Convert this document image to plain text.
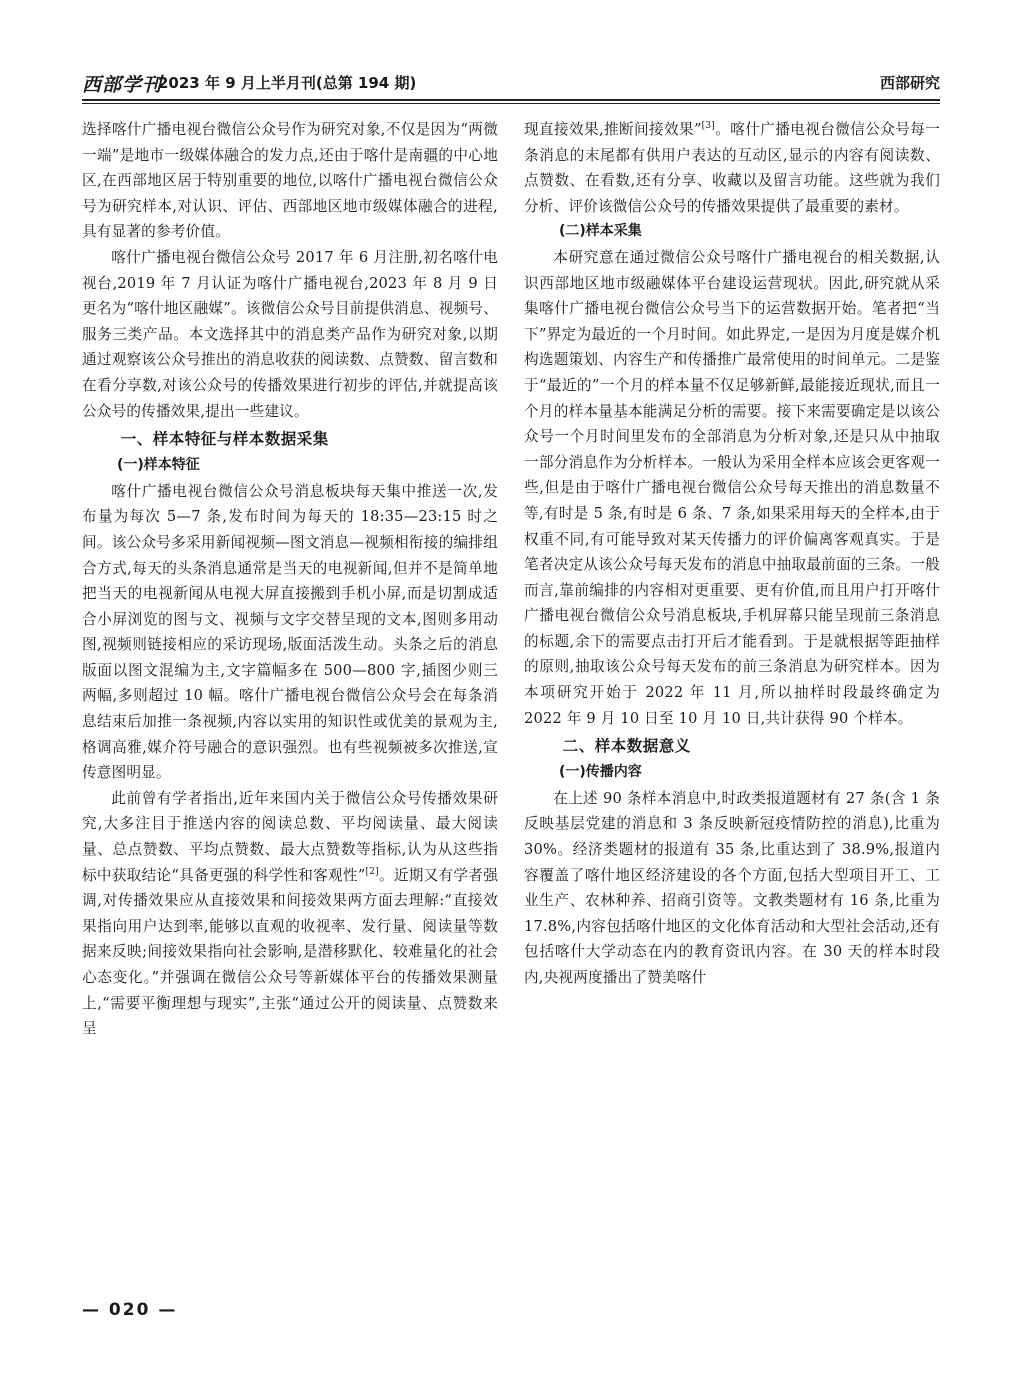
西部学刊
2023 年 9 月上半月刊(总第 194 期)	西部研究

选择喀什广播电视台微信公众号作为研究对象,不仅是因为“两微一端”是地市一级媒体融合的发力点,还由于喀什是南疆的中心地区,在西部地区居于特别重要的地位,以喀什广播电视台微信公众号为研究样本,对认识、评估、西部地区地市级媒体融合的进程,具有显著的参考价值。

喀什广播电视台微信公众号 2017 年 6 月注册,初名喀什电视台,2019 年 7 月认证为喀什广播电视台,2023 年 8 月 9 日更名为“喀什地区融媒”。该微信公众号目前提供消息、视频号、服务三类产品。本文选择其中的消息类产品作为研究对象,以期通过观察该公众号推出的消息收获的阅读数、点赞数、留言数和在看分享数,对该公众号的传播效果进行初步的评估,并就提高该公众号的传播效果,提出一些建议。

一、样本特征与样本数据采集
(一)样本特征

喀什广播电视台微信公众号消息板块每天集中推送一次,发布量为每次 5—7 条,发布时间为每天的 18:35—23:15 时之间。该公众号多采用新闻视频—图文消息—视频相衔接的编排组合方式,每天的头条消息通常是当天的电视新闻,但并不是简单地把当天的电视新闻从电视大屏直接搬到手机小屏,而是切割成适合小屏浏览的图与文、视频与文字交替呈现的文本,图则多用动图,视频则链接相应的采访现场,版面活泼生动。头条之后的消息版面以图文混编为主,文字篇幅多在 500—800 字,插图少则三两幅,多则超过 10 幅。喀什广播电视台微信公众号会在每条消息结束后加推一条视频,内容以实用的知识性或优美的景观为主,格调高雅,媒介符号融合的意识强烈。也有些视频被多次推送,宣传意图明显。

此前曾有学者指出,近年来国内关于微信公众号传播效果研究,大多注目于推送内容的阅读总数、平均阅读量、最大阅读量、总点赞数、平均点赞数、最大点赞数等指标,认为从这些指标中获取结论“具备更强的科学性和客观性”[2]。近期又有学者强调,对传播效果应从直接效果和间接效果两方面去理解:“直接效果指向用户达到率,能够以直观的收视率、发行量、阅读量等数据来反映;间接效果指向社会影响,是潜移默化、较难量化的社会心态变化。”并强调在微信公众号等新媒体平台的传播效果测量上,“需要平衡理想与现实”,主张“通过公开的阅读量、点赞数来呈

现直接效果,推断间接效果”[3]。喀什广播电视台微信公众号每一条消息的末尾都有供用户表达的互动区,显示的内容有阅读数、点赞数、在看数,还有分享、收藏以及留言功能。这些就为我们分析、评价该微信公众号的传播效果提供了最重要的素材。

(二)样本采集

本研究意在通过微信公众号喀什广播电视台的相关数据,认识西部地区地市级融媒体平台建设运营现状。因此,研究就从采集喀什广播电视台微信公众号当下的运营数据开始。笔者把“当下”界定为最近的一个月时间。如此界定,一是因为月度是媒介机构选题策划、内容生产和传播推广最常使用的时间单元。二是鉴于“最近的”一个月的样本量不仅足够新鲜,最能接近现状,而且一个月的样本量基本能满足分析的需要。接下来需要确定是以该公众号一个月时间里发布的全部消息为分析对象,还是只从中抽取一部分消息作为分析样本。一般认为采用全样本应该会更客观一些,但是由于喀什广播电视台微信公众号每天推出的消息数量不等,有时是 5 条,有时是 6 条、7 条,如果采用每天的全样本,由于权重不同,有可能导致对某天传播力的评价偏离客观真实。于是笔者决定从该公众号每天发布的消息中抽取最前面的三条。一般而言,靠前编排的内容相对更重要、更有价值,而且用户打开喀什广播电视台微信公众号消息板块,手机屏幕只能呈现前三条消息的标题,余下的需要点击打开后才能看到。于是就根据等距抽样的原则,抽取该公众号每天发布的前三条消息为研究样本。因为本项研究开始于 2022 年 11 月,所以抽样时段最终确定为 2022 年 9 月 10 日至 10 月 10 日,共计获得 90 个样本。

二、样本数据意义
(一)传播内容

在上述 90 条样本消息中,时政类报道题材有 27 条(含 1 条反映基层党建的消息和 3 条反映新冠疫情防控的消息),比重为 30%。经济类题材的报道有 35 条,比重达到了 38.9%,报道内容覆盖了喀什地区经济建设的各个方面,包括大型项目开工、工业生产、农林种养、招商引资等。文教类题材有 16 条,比重为 17.8%,内容包括喀什地区的文化体育活动和大型社会活动,还有包括喀什大学动态在内的教育资讯内容。在 30 天的样本时段内,央视两度播出了赞美喀什

— 020 —
